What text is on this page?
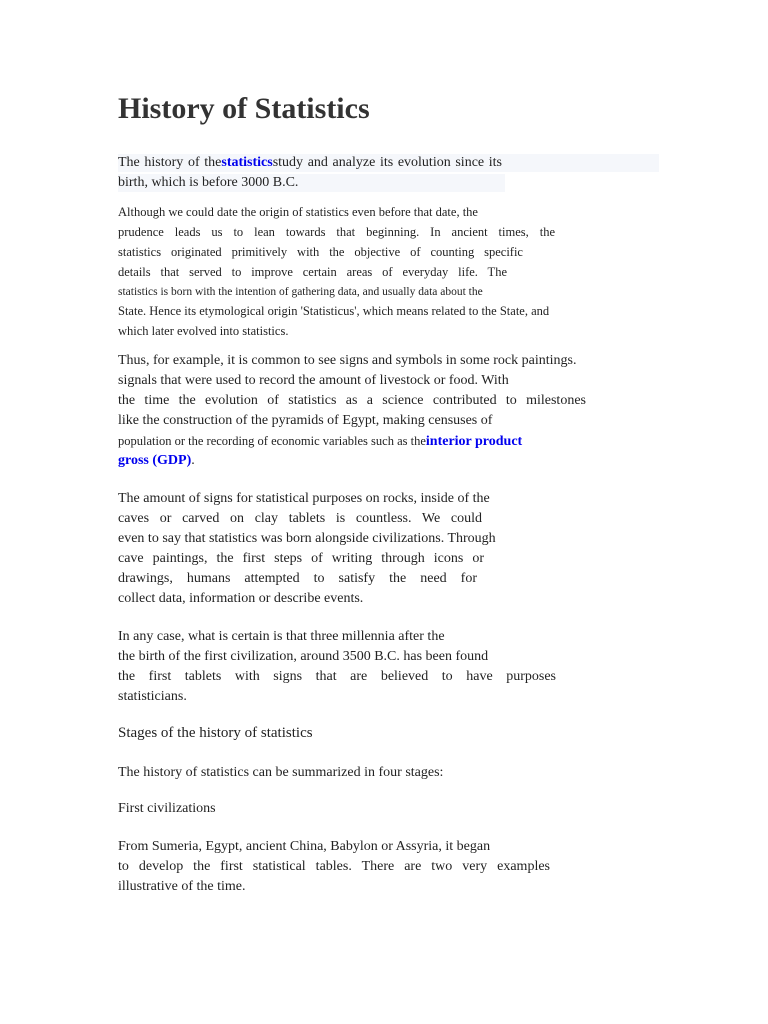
History of Statistics
The history of thestatisticsstudy and analyze its evolution since its
birth, which is before 3000 B.C.
Although we could date the origin of statistics even before that date, the
prudence leads us to lean towards that beginning. In ancient times, the
statistics originated primitively with the objective of counting specific
details that served to improve certain areas of everyday life. The
statistics is born with the intention of gathering data, and usually data about the
State. Hence its etymological origin 'Statisticus', which means related to the State, and
which later evolved into statistics.
Thus, for example, it is common to see signs and symbols in some rock paintings.
signals that were used to record the amount of livestock or food. With
the time the evolution of statistics as a science contributed to milestones
like the construction of the pyramids of Egypt, making censuses of
population or the recording of economic variables such as theinterior product
gross (GDP).
The amount of signs for statistical purposes on rocks, inside of the
caves or carved on clay tablets is countless. We could
even to say that statistics was born alongside civilizations. Through
cave paintings, the first steps of writing through icons or
drawings, humans attempted to satisfy the need for
collect data, information or describe events.
In any case, what is certain is that three millennia after the
the birth of the first civilization, around 3500 B.C. has been found
the first tablets with signs that are believed to have purposes
statisticians.
Stages of the history of statistics
The history of statistics can be summarized in four stages:
First civilizations
From Sumeria, Egypt, ancient China, Babylon or Assyria, it began
to develop the first statistical tables. There are two very examples
illustrative of the time.
